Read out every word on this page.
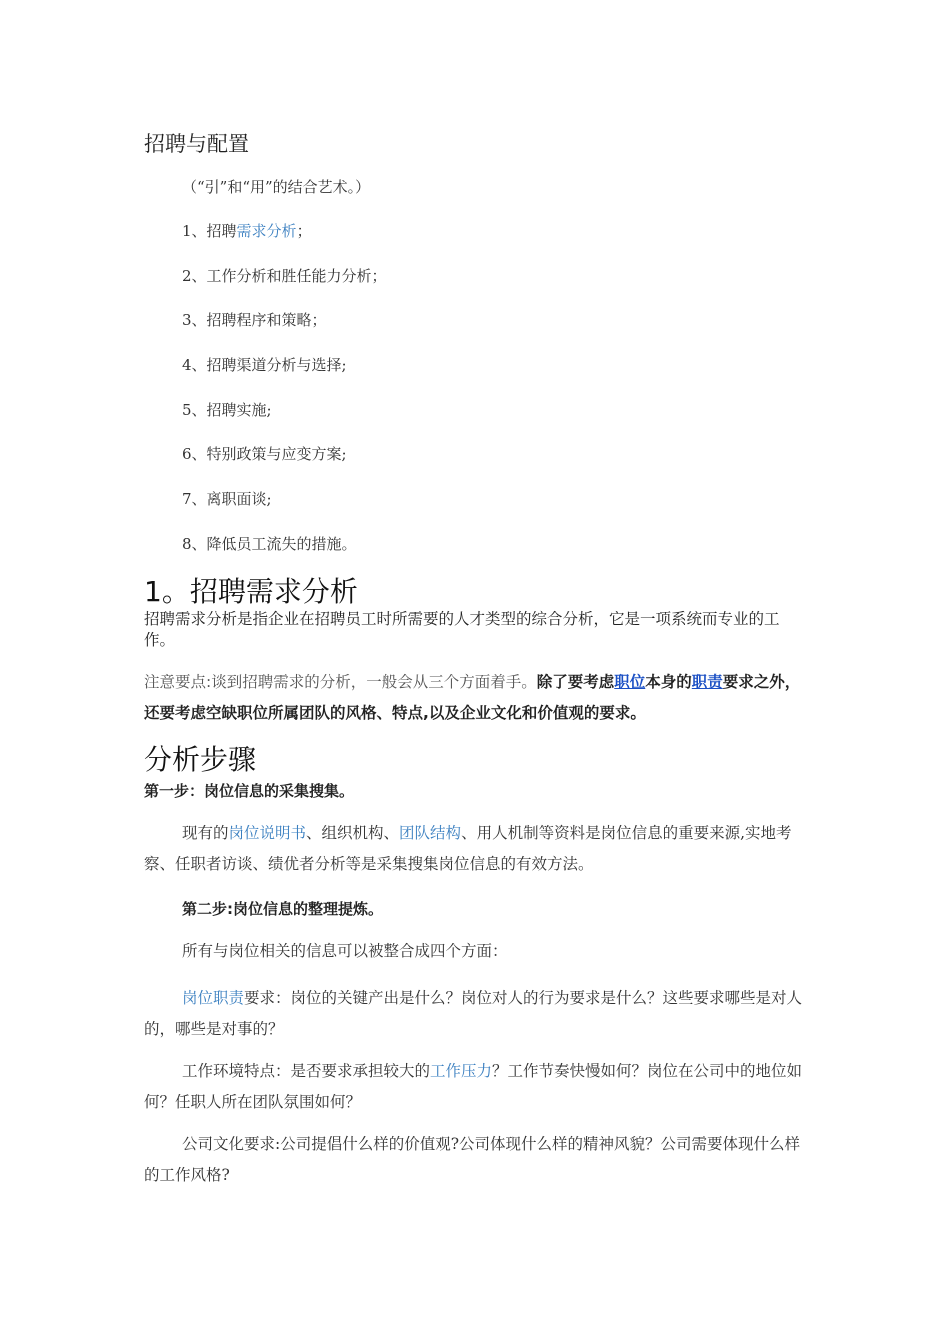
招聘与配置
（“引”和“用”的结合艺术。）
1、招聘需求分析；
2、工作分析和胜任能力分析；
3、招聘程序和策略；
4、招聘渠道分析与选择;
5、招聘实施;
6、特别政策与应变方案;
7、离职面谈;
8、降低员工流失的措施。
1。招聘需求分析
招聘需求分析是指企业在招聘员工时所需要的人才类型的综合分析，它是一项系统而专业的工作。
注意要点:谈到招聘需求的分析，一般会从三个方面着手。除了要考虑职位本身的职责要求之外，还要考虑空缺职位所属团队的风格、特点,以及企业文化和价值观的要求。
分析步骤
第一步：岗位信息的采集搜集。
现有的岗位说明书、组织机构、团队结构、用人机制等资料是岗位信息的重要来源,实地考察、任职者访谈、绩优者分析等是采集搜集岗位信息的有效方法。
第二步:岗位信息的整理提炼。
所有与岗位相关的信息可以被整合成四个方面：
岗位职责要求：岗位的关键产出是什么？岗位对人的行为要求是什么？这些要求哪些是对人的，哪些是对事的？
工作环境特点：是否要求承担较大的工作压力？工作节奏快慢如何？岗位在公司中的地位如何？任职人所在团队氛围如何？
公司文化要求:公司提倡什么样的价值观?公司体现什么样的精神风貌？公司需要体现什么样的工作风格?
